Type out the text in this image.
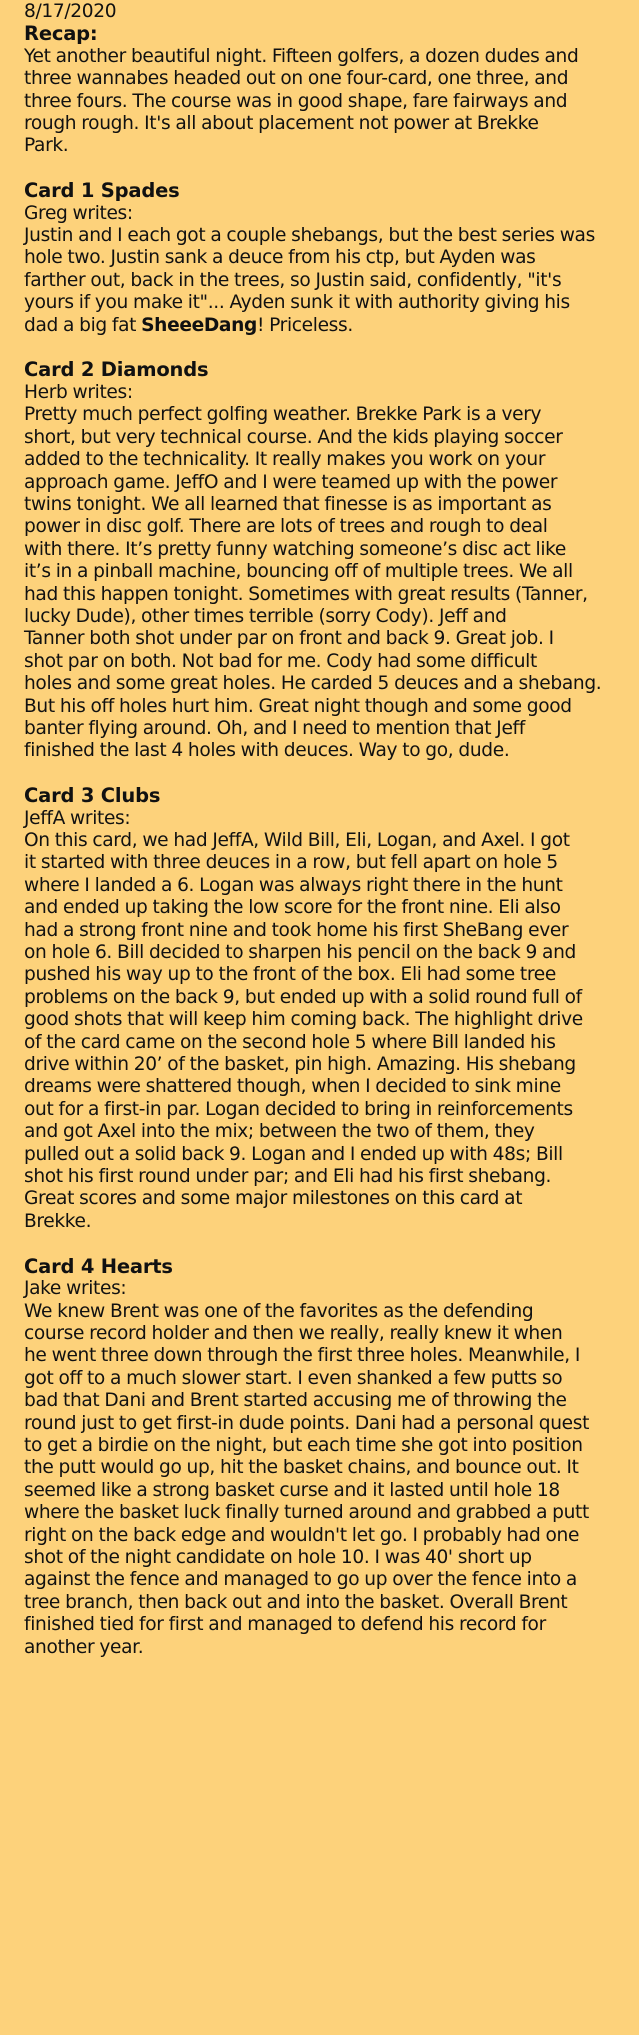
8/17/2020

Recap:

Yet another beautiful night. Fifteen golfers, a dozen dudes and

three wannabes headed out on one four-card, one three, and

three fours. The course was in good shape, fare fairways and

rough rough. It's all about placement not power at Brekke

Park.

Card 1 Spades

Greg writes:

Justin and I each got a couple shebangs, but the best series was

hole two. Justin sank a deuce from his ctp, but Ayden was

farther out, back in the trees, so Justin said, confidently, "it's

yours if you make it"... Ayden sunk it with authority giving his

dad a big fat SheeeDang! Priceless.

Card 2 Diamonds

Herb writes:

Pretty much perfect golfing weather. Brekke Park is a very

short, but very technical course. And the kids playing soccer

added to the technicality. It really makes you work on your

approach game. JeffO and I were teamed up with the power

twins tonight. We all learned that finesse is as important as

power in disc golf. There are lots of trees and rough to deal

with there. It’s pretty funny watching someone’s disc act like

it’s in a pinball machine, bouncing off of multiple trees. We all

had this happen tonight. Sometimes with great results (Tanner,

lucky Dude), other times terrible (sorry Cody). Jeff and

Tanner both shot under par on front and back 9. Great job. I

shot par on both. Not bad for me. Cody had some difficult

holes and some great holes. He carded 5 deuces and a shebang.

But his off holes hurt him. Great night though and some good

banter flying around. Oh, and I need to mention that Jeff

finished the last 4 holes with deuces. Way to go, dude.

Card 3 Clubs

JeffA writes:

On this card, we had JeffA, Wild Bill, Eli, Logan, and Axel. I got

it started with three deuces in a row, but fell apart on hole 5

where I landed a 6. Logan was always right there in the hunt

and ended up taking the low score for the front nine. Eli also

had a strong front nine and took home his first SheBang ever

on hole 6. Bill decided to sharpen his pencil on the back 9 and

pushed his way up to the front of the box. Eli had some tree

problems on the back 9, but ended up with a solid round full of

good shots that will keep him coming back. The highlight drive

of the card came on the second hole 5 where Bill landed his

drive within 20’ of the basket, pin high. Amazing. His shebang

dreams were shattered though, when I decided to sink mine

out for a first-in par. Logan decided to bring in reinforcements

and got Axel into the mix; between the two of them, they

pulled out a solid back 9. Logan and I ended up with 48s; Bill

shot his first round under par; and Eli had his first shebang.

Great scores and some major milestones on this card at

Brekke.

Card 4 Hearts

Jake writes:

We knew Brent was one of the favorites as the defending

course record holder and then we really, really knew it when

he went three down through the first three holes. Meanwhile, I

got off to a much slower start. I even shanked a few putts so

bad that Dani and Brent started accusing me of throwing the

round just to get first-in dude points. Dani had a personal quest

to get a birdie on the night, but each time she got into position

the putt would go up, hit the basket chains, and bounce out. It

seemed like a strong basket curse and it lasted until hole 18

where the basket luck finally turned around and grabbed a putt

right on the back edge and wouldn't let go. I probably had one

shot of the night candidate on hole 10. I was 40' short up

against the fence and managed to go up over the fence into a

tree branch, then back out and into the basket. Overall Brent

finished tied for first and managed to defend his record for

another year.
